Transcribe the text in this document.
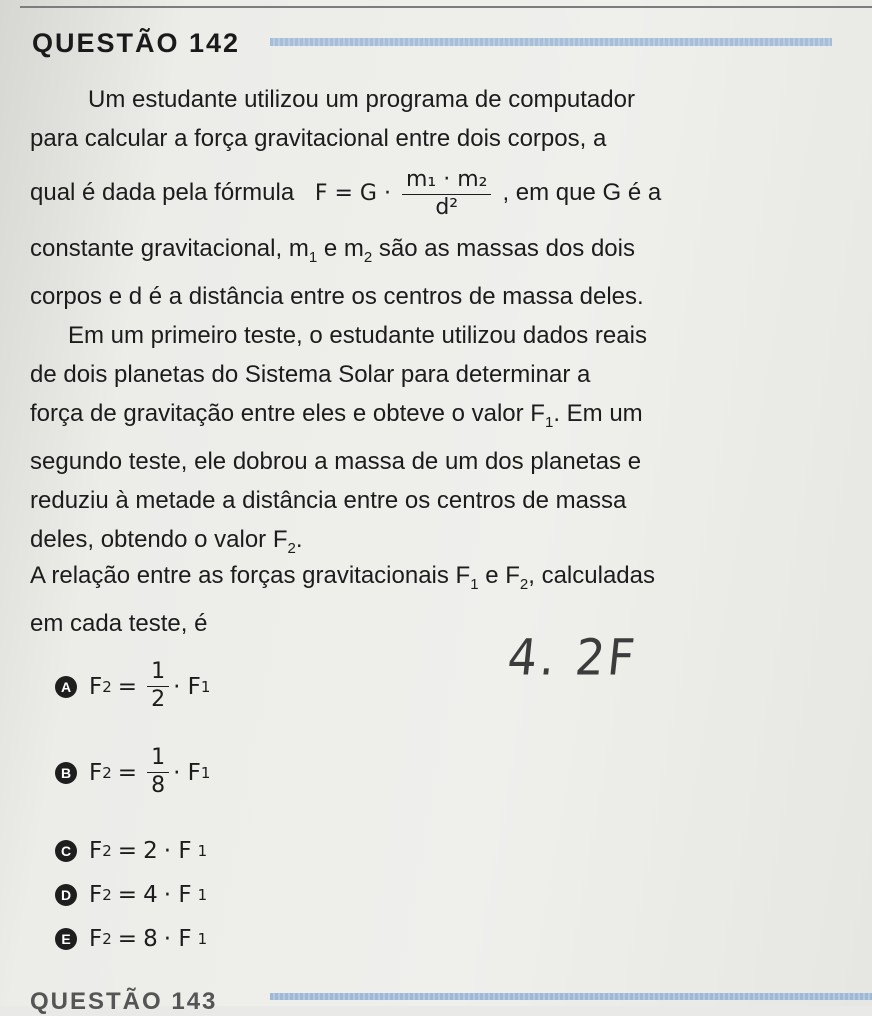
QUESTÃO 142
Um estudante utilizou um programa de computador
para calcular a força gravitacional entre dois corpos, a
qual é dada pela fórmula $F = G \cdot \frac{\text{m₁ · m₂}}{\text{d²}}$ , em que G é a
constante gravitacional, $m_1$ e $m_2$ são as massas dos dois
corpos e d é a distância entre os centros de massa deles.
Em um primeiro teste, o estudante utilizou dados reais
de dois planetas do Sistema Solar para determinar a
força de gravitação entre eles e obteve o valor $F_1$. Em um
segundo teste, ele dobrou a massa de um dos planetas e
reduziu à metade a distância entre os centros de massa
deles, obtendo o valor $F_2$.
A relação entre as forças gravitacionais $F_1$ e $F_2$, calculadas
em cada teste, é
4. 2F
A F $2 = \frac{1}{2} \cdot F$ 1
B F $2 = \frac{1}{8} \cdot F$ 1
C F 2 = 2 · F 1
D F 2 = 4 · F 1
E F 2 = 8 · F 1
QUESTÃO 143
